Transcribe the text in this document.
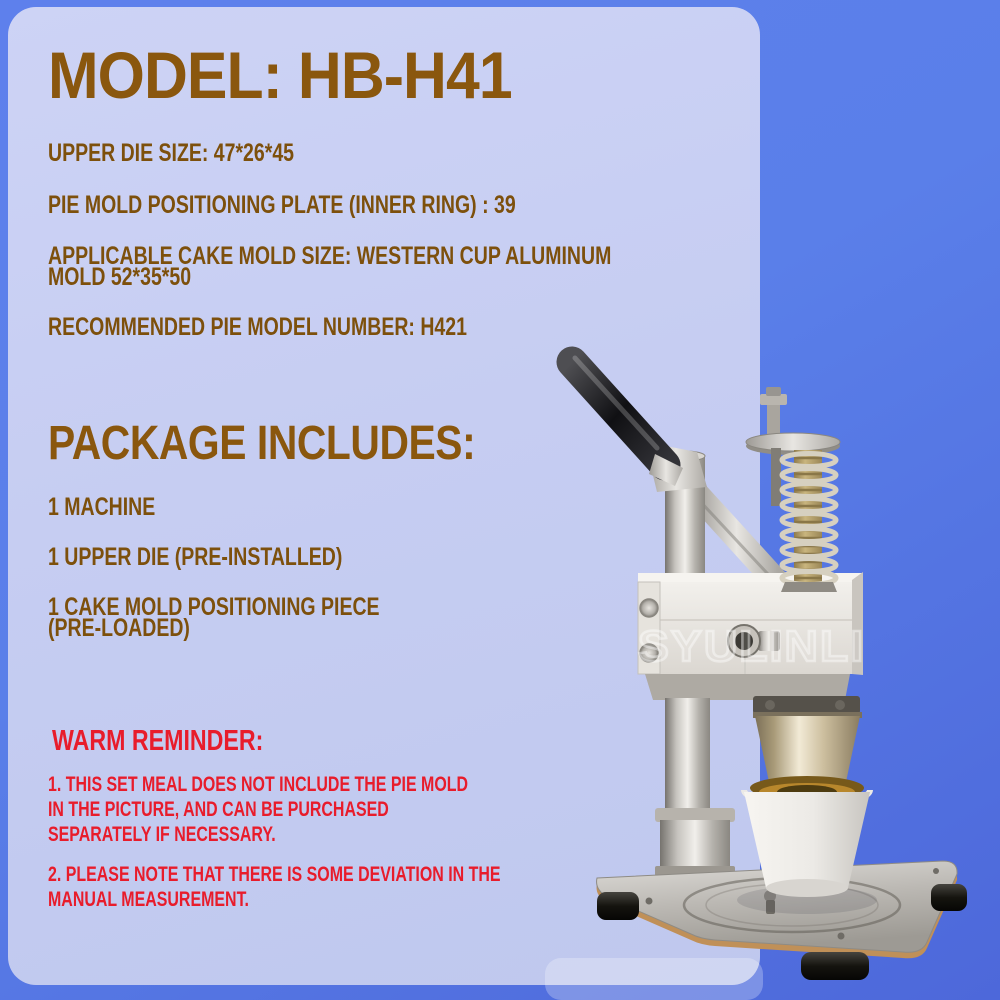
MODEL: HB-H41
UPPER DIE SIZE: 47*26*45
PIE MOLD POSITIONING PLATE (INNER RING) : 39
APPLICABLE CAKE MOLD SIZE: WESTERN CUP ALUMINUM
MOLD 52*35*50
RECOMMENDED PIE MODEL NUMBER: H421
PACKAGE INCLUDES:
1 MACHINE
1 UPPER DIE (PRE-INSTALLED)
1 CAKE MOLD POSITIONING PIECE
(PRE-LOADED)
WARM REMINDER:
1. THIS SET MEAL DOES NOT INCLUDE THE PIE MOLD
IN THE PICTURE, AND CAN BE PURCHASED
SEPARATELY IF NECESSARY.
2. PLEASE NOTE THAT THERE IS SOME DEVIATION IN THE
MANUAL MEASUREMENT.
SYULINLI
